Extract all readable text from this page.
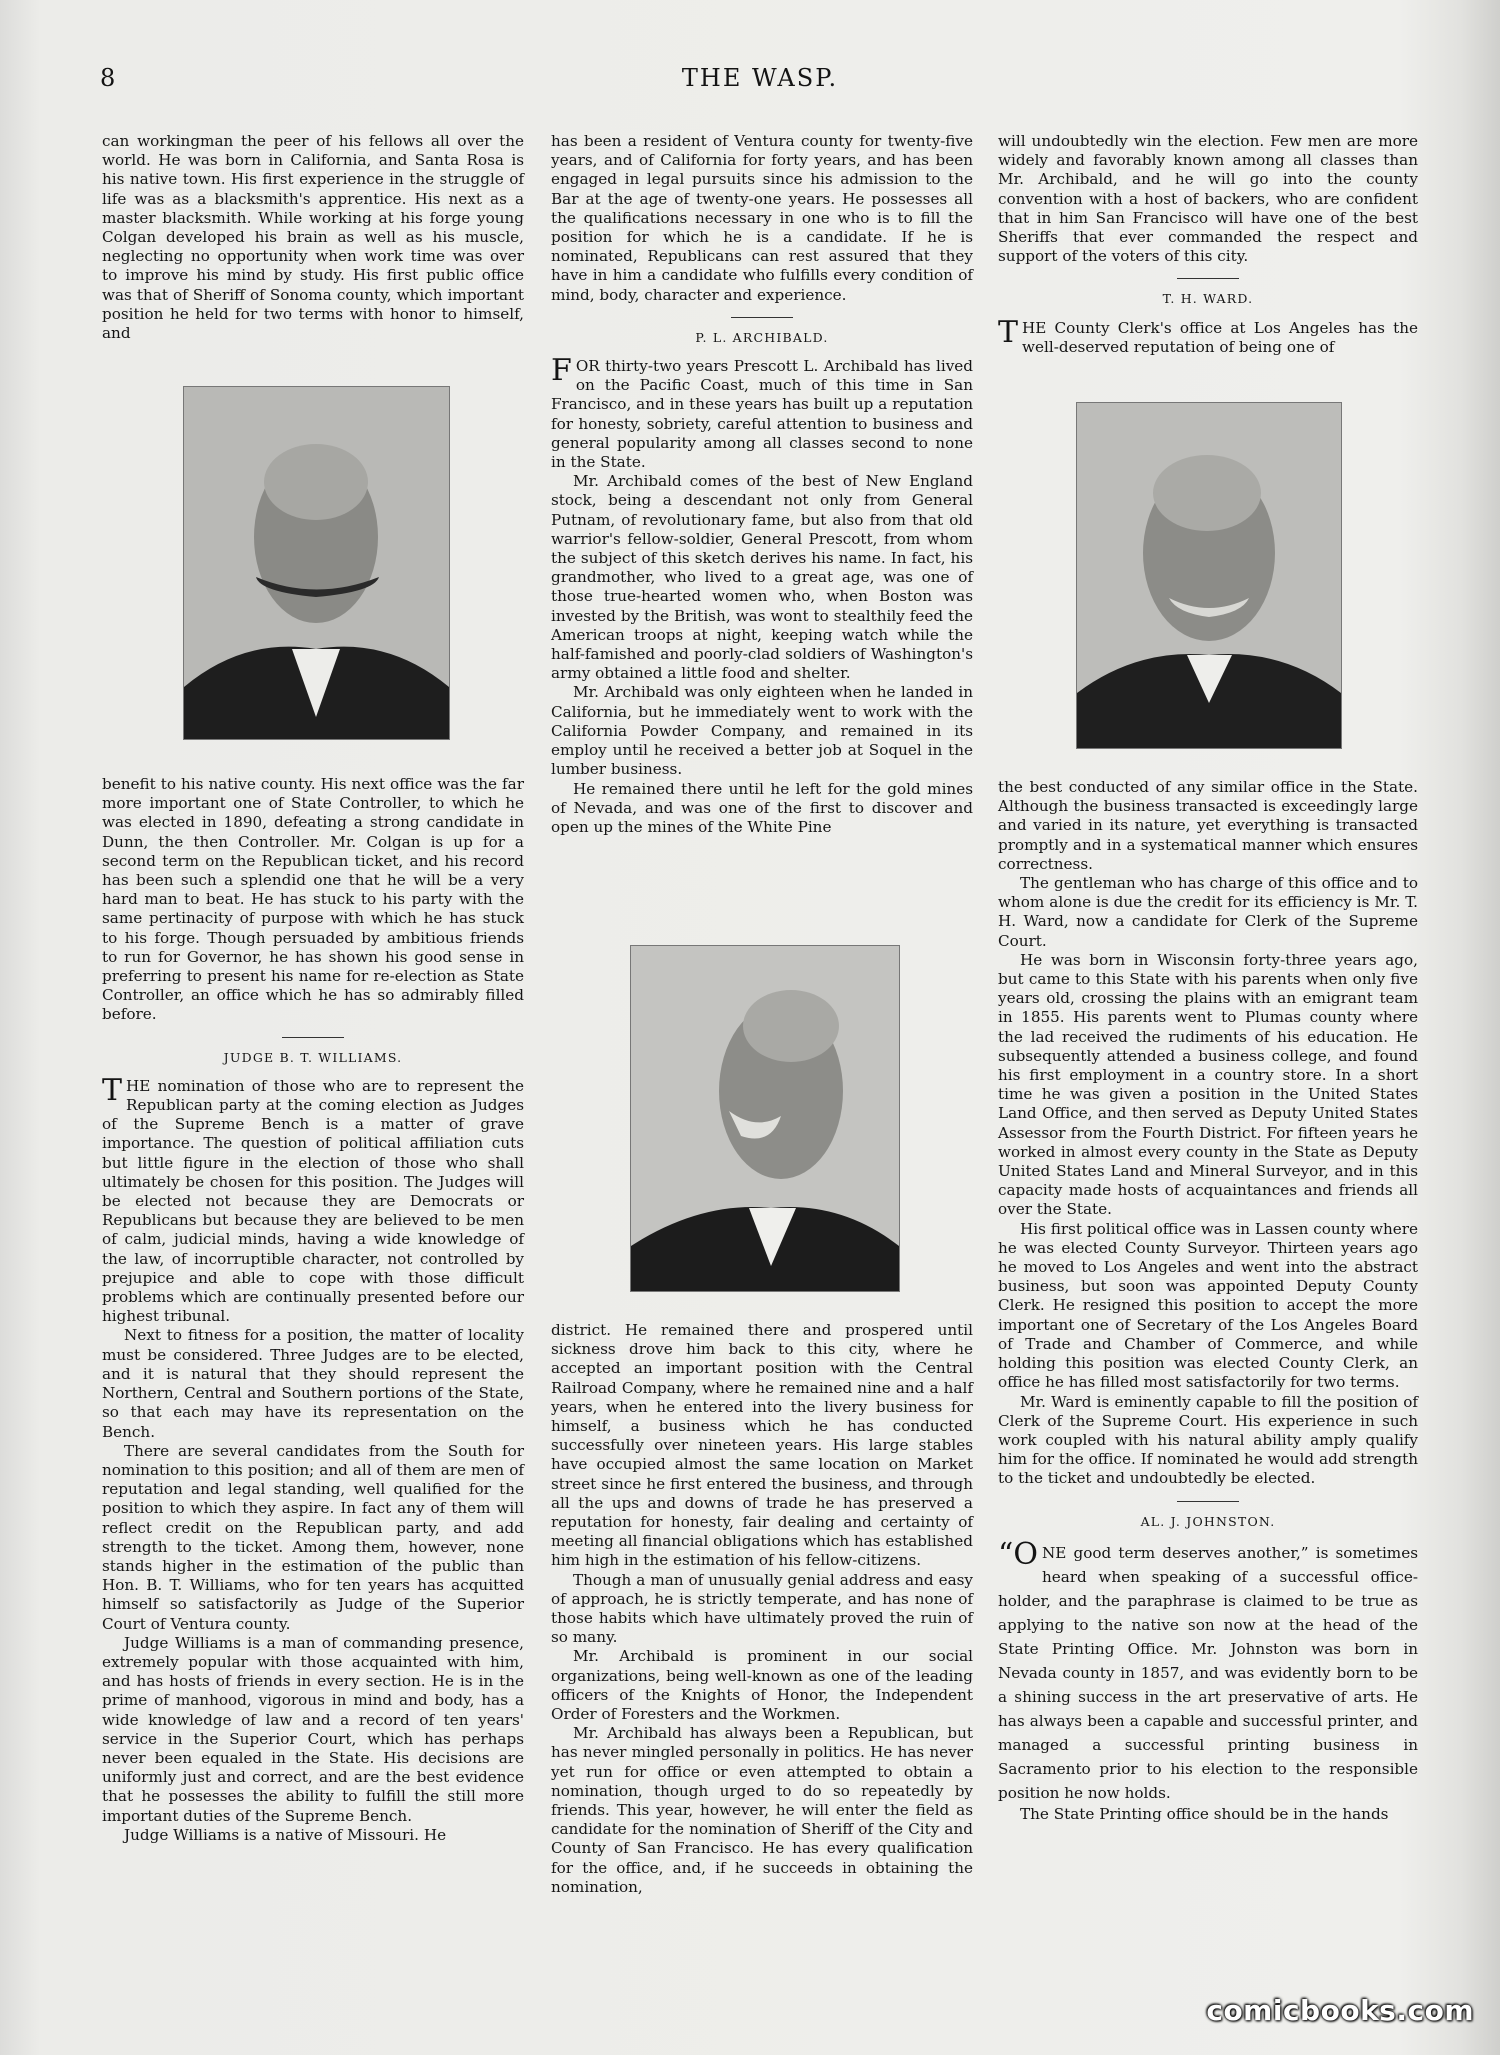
8	THE WASP.

can workingman the peer of his fellows all over the world. He was born in California, and Santa Rosa is his native town. His first experience in the struggle of life was as a blacksmith's apprentice. His next as a master blacksmith. While working at his forge young Colgan developed his brain as well as his muscle, neglecting no opportunity when work time was over to improve his mind by study. His first public office was that of Sheriff of Sonoma county, which important position he held for two terms with honor to himself, and

benefit to his native county. His next office was the far more important one of State Controller, to which he was elected in 1890, defeating a strong candidate in Dunn, the then Controller. Mr. Colgan is up for a second term on the Republican ticket, and his record has been such a splendid one that he will be a very hard man to beat. He has stuck to his party with the same pertinacity of purpose with which he has stuck to his forge. Though persuaded by ambitious friends to run for Governor, he has shown his good sense in preferring to present his name for re-election as State Controller, an office which he has so admirably filled before.

JUDGE B. T. WILLIAMS.

THE nomination of those who are to represent the Republican party at the coming election as Judges of the Supreme Bench is a matter of grave importance. The question of political affiliation cuts but little figure in the election of those who shall ultimately be chosen for this position. The Judges will be elected not because they are Democrats or Republicans but because they are believed to be men of calm, judicial minds, having a wide knowledge of the law, of incorruptible character, not controlled by prejupice and able to cope with those difficult problems which are continually presented before our highest tribunal.

Next to fitness for a position, the matter of locality must be considered. Three Judges are to be elected, and it is natural that they should represent the Northern, Central and Southern portions of the State, so that each may have its representation on the Bench.

There are several candidates from the South for nomination to this position; and all of them are men of reputation and legal standing, well qualified for the position to which they aspire. In fact any of them will reflect credit on the Republican party, and add strength to the ticket. Among them, however, none stands higher in the estimation of the public than Hon. B. T. Williams, who for ten years has acquitted himself so satisfactorily as Judge of the Superior Court of Ventura county.

Judge Williams is a man of commanding presence, extremely popular with those acquainted with him, and has hosts of friends in every section. He is in the prime of manhood, vigorous in mind and body, has a wide knowledge of law and a record of ten years' service in the Superior Court, which has perhaps never been equaled in the State. His decisions are uniformly just and correct, and are the best evidence that he possesses the ability to fulfill the still more important duties of the Supreme Bench.

Judge Williams is a native of Missouri. He

has been a resident of Ventura county for twenty-five years, and of California for forty years, and has been engaged in legal pursuits since his admission to the Bar at the age of twenty-one years. He possesses all the qualifications necessary in one who is to fill the position for which he is a candidate. If he is nominated, Republicans can rest assured that they have in him a candidate who fulfills every condition of mind, body, character and experience.

P. L. ARCHIBALD.

FOR thirty-two years Prescott L. Archibald has lived on the Pacific Coast, much of this time in San Francisco, and in these years has built up a reputation for honesty, sobriety, careful attention to business and general popularity among all classes second to none in the State.

Mr. Archibald comes of the best of New England stock, being a descendant not only from General Putnam, of revolutionary fame, but also from that old warrior's fellow-soldier, General Prescott, from whom the subject of this sketch derives his name. In fact, his grandmother, who lived to a great age, was one of those true-hearted women who, when Boston was invested by the British, was wont to stealthily feed the American troops at night, keeping watch while the half-famished and poorly-clad soldiers of Washington's army obtained a little food and shelter.

Mr. Archibald was only eighteen when he landed in California, but he immediately went to work with the California Powder Company, and remained in its employ until he received a better job at Soquel in the lumber business.

He remained there until he left for the gold mines of Nevada, and was one of the first to discover and open up the mines of the White Pine

district. He remained there and prospered until sickness drove him back to this city, where he accepted an important position with the Central Railroad Company, where he remained nine and a half years, when he entered into the livery business for himself, a business which he has conducted successfully over nineteen years. His large stables have occupied almost the same location on Market street since he first entered the business, and through all the ups and downs of trade he has preserved a reputation for honesty, fair dealing and certainty of meeting all financial obligations which has established him high in the estimation of his fellow-citizens.

Though a man of unusually genial address and easy of approach, he is strictly temperate, and has none of those habits which have ultimately proved the ruin of so many.

Mr. Archibald is prominent in our social organizations, being well-known as one of the leading officers of the Knights of Honor, the Independent Order of Foresters and the Workmen.

Mr. Archibald has always been a Republican, but has never mingled personally in politics. He has never yet run for office or even attempted to obtain a nomination, though urged to do so repeatedly by friends. This year, however, he will enter the field as candidate for the nomination of Sheriff of the City and County of San Francisco. He has every qualification for the office, and, if he succeeds in obtaining the nomination,

will undoubtedly win the election. Few men are more widely and favorably known among all classes than Mr. Archibald, and he will go into the county convention with a host of backers, who are confident that in him San Francisco will have one of the best Sheriffs that ever commanded the respect and support of the voters of this city.

T. H. WARD.

THE County Clerk's office at Los Angeles has the well-deserved reputation of being one of

the best conducted of any similar office in the State. Although the business transacted is exceedingly large and varied in its nature, yet everything is transacted promptly and in a systematical manner which ensures correctness.

The gentleman who has charge of this office and to whom alone is due the credit for its efficiency is Mr. T. H. Ward, now a candidate for Clerk of the Supreme Court.

He was born in Wisconsin forty-three years ago, but came to this State with his parents when only five years old, crossing the plains with an emigrant team in 1855. His parents went to Plumas county where the lad received the rudiments of his education. He subsequently attended a business college, and found his first employment in a country store. In a short time he was given a position in the United States Land Office, and then served as Deputy United States Assessor from the Fourth District. For fifteen years he worked in almost every county in the State as Deputy United States Land and Mineral Surveyor, and in this capacity made hosts of acquaintances and friends all over the State.

His first political office was in Lassen county where he was elected County Surveyor. Thirteen years ago he moved to Los Angeles and went into the abstract business, but soon was appointed Deputy County Clerk. He resigned this position to accept the more important one of Secretary of the Los Angeles Board of Trade and Chamber of Commerce, and while holding this position was elected County Clerk, an office he has filled most satisfactorily for two terms.

Mr. Ward is eminently capable to fill the position of Clerk of the Supreme Court. His experience in such work coupled with his natural ability amply qualify him for the office. If nominated he would add strength to the ticket and undoubtedly be elected.

AL. J. JOHNSTON.

“ONE good term deserves another,” is sometimes heard when speaking of a successful office-holder, and the paraphrase is claimed to be true as applying to the native son now at the head of the State Printing Office. Mr. Johnston was born in Nevada county in 1857, and was evidently born to be a shining success in the art preservative of arts. He has always been a capable and successful printer, and managed a successful printing business in Sacramento prior to his election to the responsible position he now holds.

The State Printing office should be in the hands

comicbooks.com
